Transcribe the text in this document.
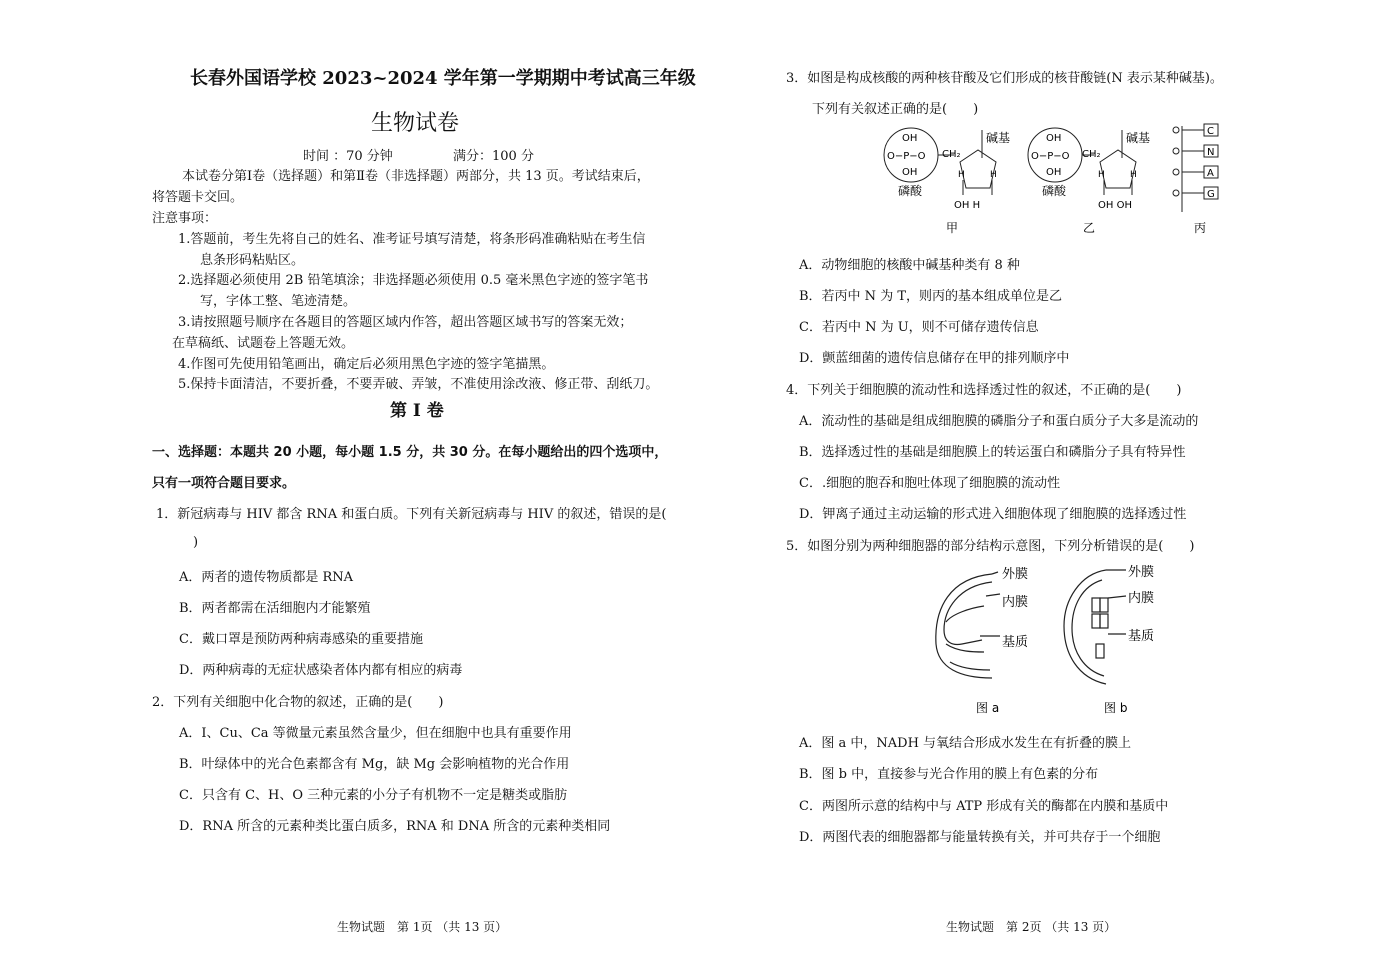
长春外国语学校 2023~2024 学年第一学期期中考试高三年级
生物试卷
时间 ：70 分钟	满分：100 分
本试卷分第Ⅰ卷（选择题）和第Ⅱ卷（非选择题）两部分，共 13 页。考试结束后，
将答题卡交回。
注意事项：
1.答题前，考生先将自己的姓名、准考证号填写清楚，将条形码准确粘贴在考生信
息条形码粘贴区。
2.选择题必须使用 2B 铅笔填涂；非选择题必须使用 0.5 毫米黑色字迹的签字笔书
写，字体工整、笔迹清楚。
3.请按照题号顺序在各题目的答题区域内作答，超出答题区域书写的答案无效；
在草稿纸、试题卷上答题无效。
4.作图可先使用铅笔画出，确定后必须用黑色字迹的签字笔描黑。
5.保持卡面清洁，不要折叠，不要弄破、弄皱，不准使用涂改液、修正带、刮纸刀。
第 I 卷
一、选择题：本题共 20 小题，每小题 1.5 分，共 30 分。在每小题给出的四个选项中，
只有一项符合题目要求。
1．新冠病毒与 HIV 都含 RNA 和蛋白质。下列有关新冠病毒与 HIV 的叙述，错误的是(
)
A．两者的遗传物质都是 RNA
B．两者都需在活细胞内才能繁殖
C．戴口罩是预防两种病毒感染的重要措施
D．两种病毒的无症状感染者体内都有相应的病毒
2．下列有关细胞中化合物的叙述，正确的是(　　)
A．I、Cu、Ca 等微量元素虽然含量少，但在细胞中也具有重要作用
B．叶绿体中的光合色素都含有 Mg，缺 Mg 会影响植物的光合作用
C．只含有 C、H、O 三种元素的小分子有机物不一定是糖类或脂肪
D．RNA 所含的元素种类比蛋白质多，RNA 和 DNA 所含的元素种类相同
生物试题　第 1页 （共 13 页）
3．如图是构成核酸的两种核苷酸及它们形成的核苷酸链(N 表示某种碱基)。
下列有关叙述正确的是(　　)
OH
O−P−O
OH
磷酸
CH₂
碱基
H	H
OH H
甲
OH
O−P−O
OH
磷酸
CH₂
碱基
H	H
OH OH
乙
C
N
A
G
丙
A．动物细胞的核酸中碱基种类有 8 种
B．若丙中 N 为 T，则丙的基本组成单位是乙
C．若丙中 N 为 U，则不可储存遗传信息
D．颤蓝细菌的遗传信息储存在甲的排列顺序中
4．下列关于细胞膜的流动性和选择透过性的叙述，不正确的是(　　)
A．流动性的基础是组成细胞膜的磷脂分子和蛋白质分子大多是流动的
B．选择透过性的基础是细胞膜上的转运蛋白和磷脂分子具有特异性
C．.细胞的胞吞和胞吐体现了细胞膜的流动性
D．钾离子通过主动运输的形式进入细胞体现了细胞膜的选择透过性
5．如图分别为两种细胞器的部分结构示意图，下列分析错误的是(　　)
外膜
内膜
基质
外膜
内膜
基质
图 a	图 b
A．图 a 中，NADH 与氧结合形成水发生在有折叠的膜上
B．图 b 中，直接参与光合作用的膜上有色素的分布
C．两图所示意的结构中与 ATP 形成有关的酶都在内膜和基质中
D．两图代表的细胞器都与能量转换有关，并可共存于一个细胞
生物试题　第 2页 （共 13 页）
